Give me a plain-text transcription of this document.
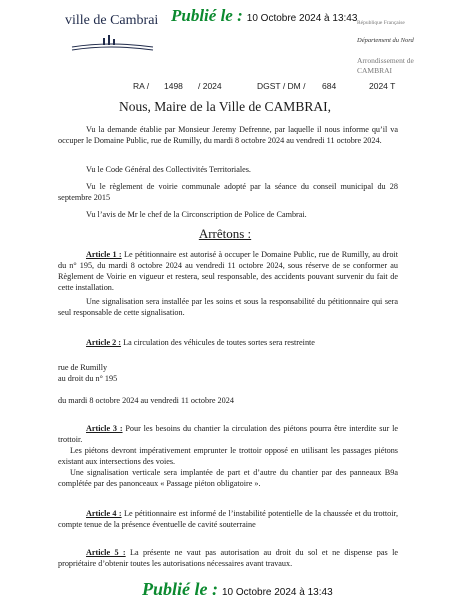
ville de Cambrai Publié le : 10 Octobre 2024 à 13:43 République Française
Département du Nord
Arrondissement de CAMBRAI
RA / 1498 / 2024	DGST / DM / 684	2024 T
Nous, Maire de la Ville de CAMBRAI,
Vu la demande établie par Monsieur Jeremy Defrenne, par laquelle il nous informe qu’il va occuper le Domaine Public, rue de Rumilly, du mardi 8 octobre 2024 au vendredi 11 octobre 2024.
Vu le Code Général des Collectivités Territoriales.
Vu le règlement de voirie communale adopté par la séance du conseil municipal du 28 septembre 2015
Vu l’avis de Mr le chef de la Circonscription de Police de Cambrai.
Arrêtons :
Article 1 : Le pétitionnaire est autorisé à occuper le Domaine Public, rue de Rumilly, au droit du n° 195, du mardi 8 octobre 2024 au vendredi 11 octobre 2024, sous réserve de se conformer au Règlement de Voirie en vigueur et restera, seul responsable, des accidents pouvant survenir du fait de cette installation.
Une signalisation sera installée par les soins et sous la responsabilité du pétitionnaire qui sera seul responsable de cette signalisation.
Article 2 : La circulation des véhicules de toutes sortes sera restreinte
rue de Rumilly
au droit du n° 195
du mardi 8 octobre 2024 au vendredi 11 octobre 2024
Article 3 : Pour les besoins du chantier la circulation des piétons pourra être interdite sur le trottoir.
Les piétons devront impérativement emprunter le trottoir opposé en utilisant les passages piétons existant aux intersections des voies.
Une signalisation verticale sera implantée de part et d’autre du chantier par des panneaux B9a complétée par des panonceaux « Passage piéton obligatoire ».
Article 4 : Le pétitionnaire est informé de l’instabilité potentielle de la chaussée et du trottoir, compte tenue de la présence éventuelle de cavité souterraine
Article 5 : La présente ne vaut pas autorisation au droit du sol et ne dispense pas le propriétaire d’obtenir toutes les autorisations nécessaires avant travaux.
Publié le : 10 Octobre 2024 à 13:43
